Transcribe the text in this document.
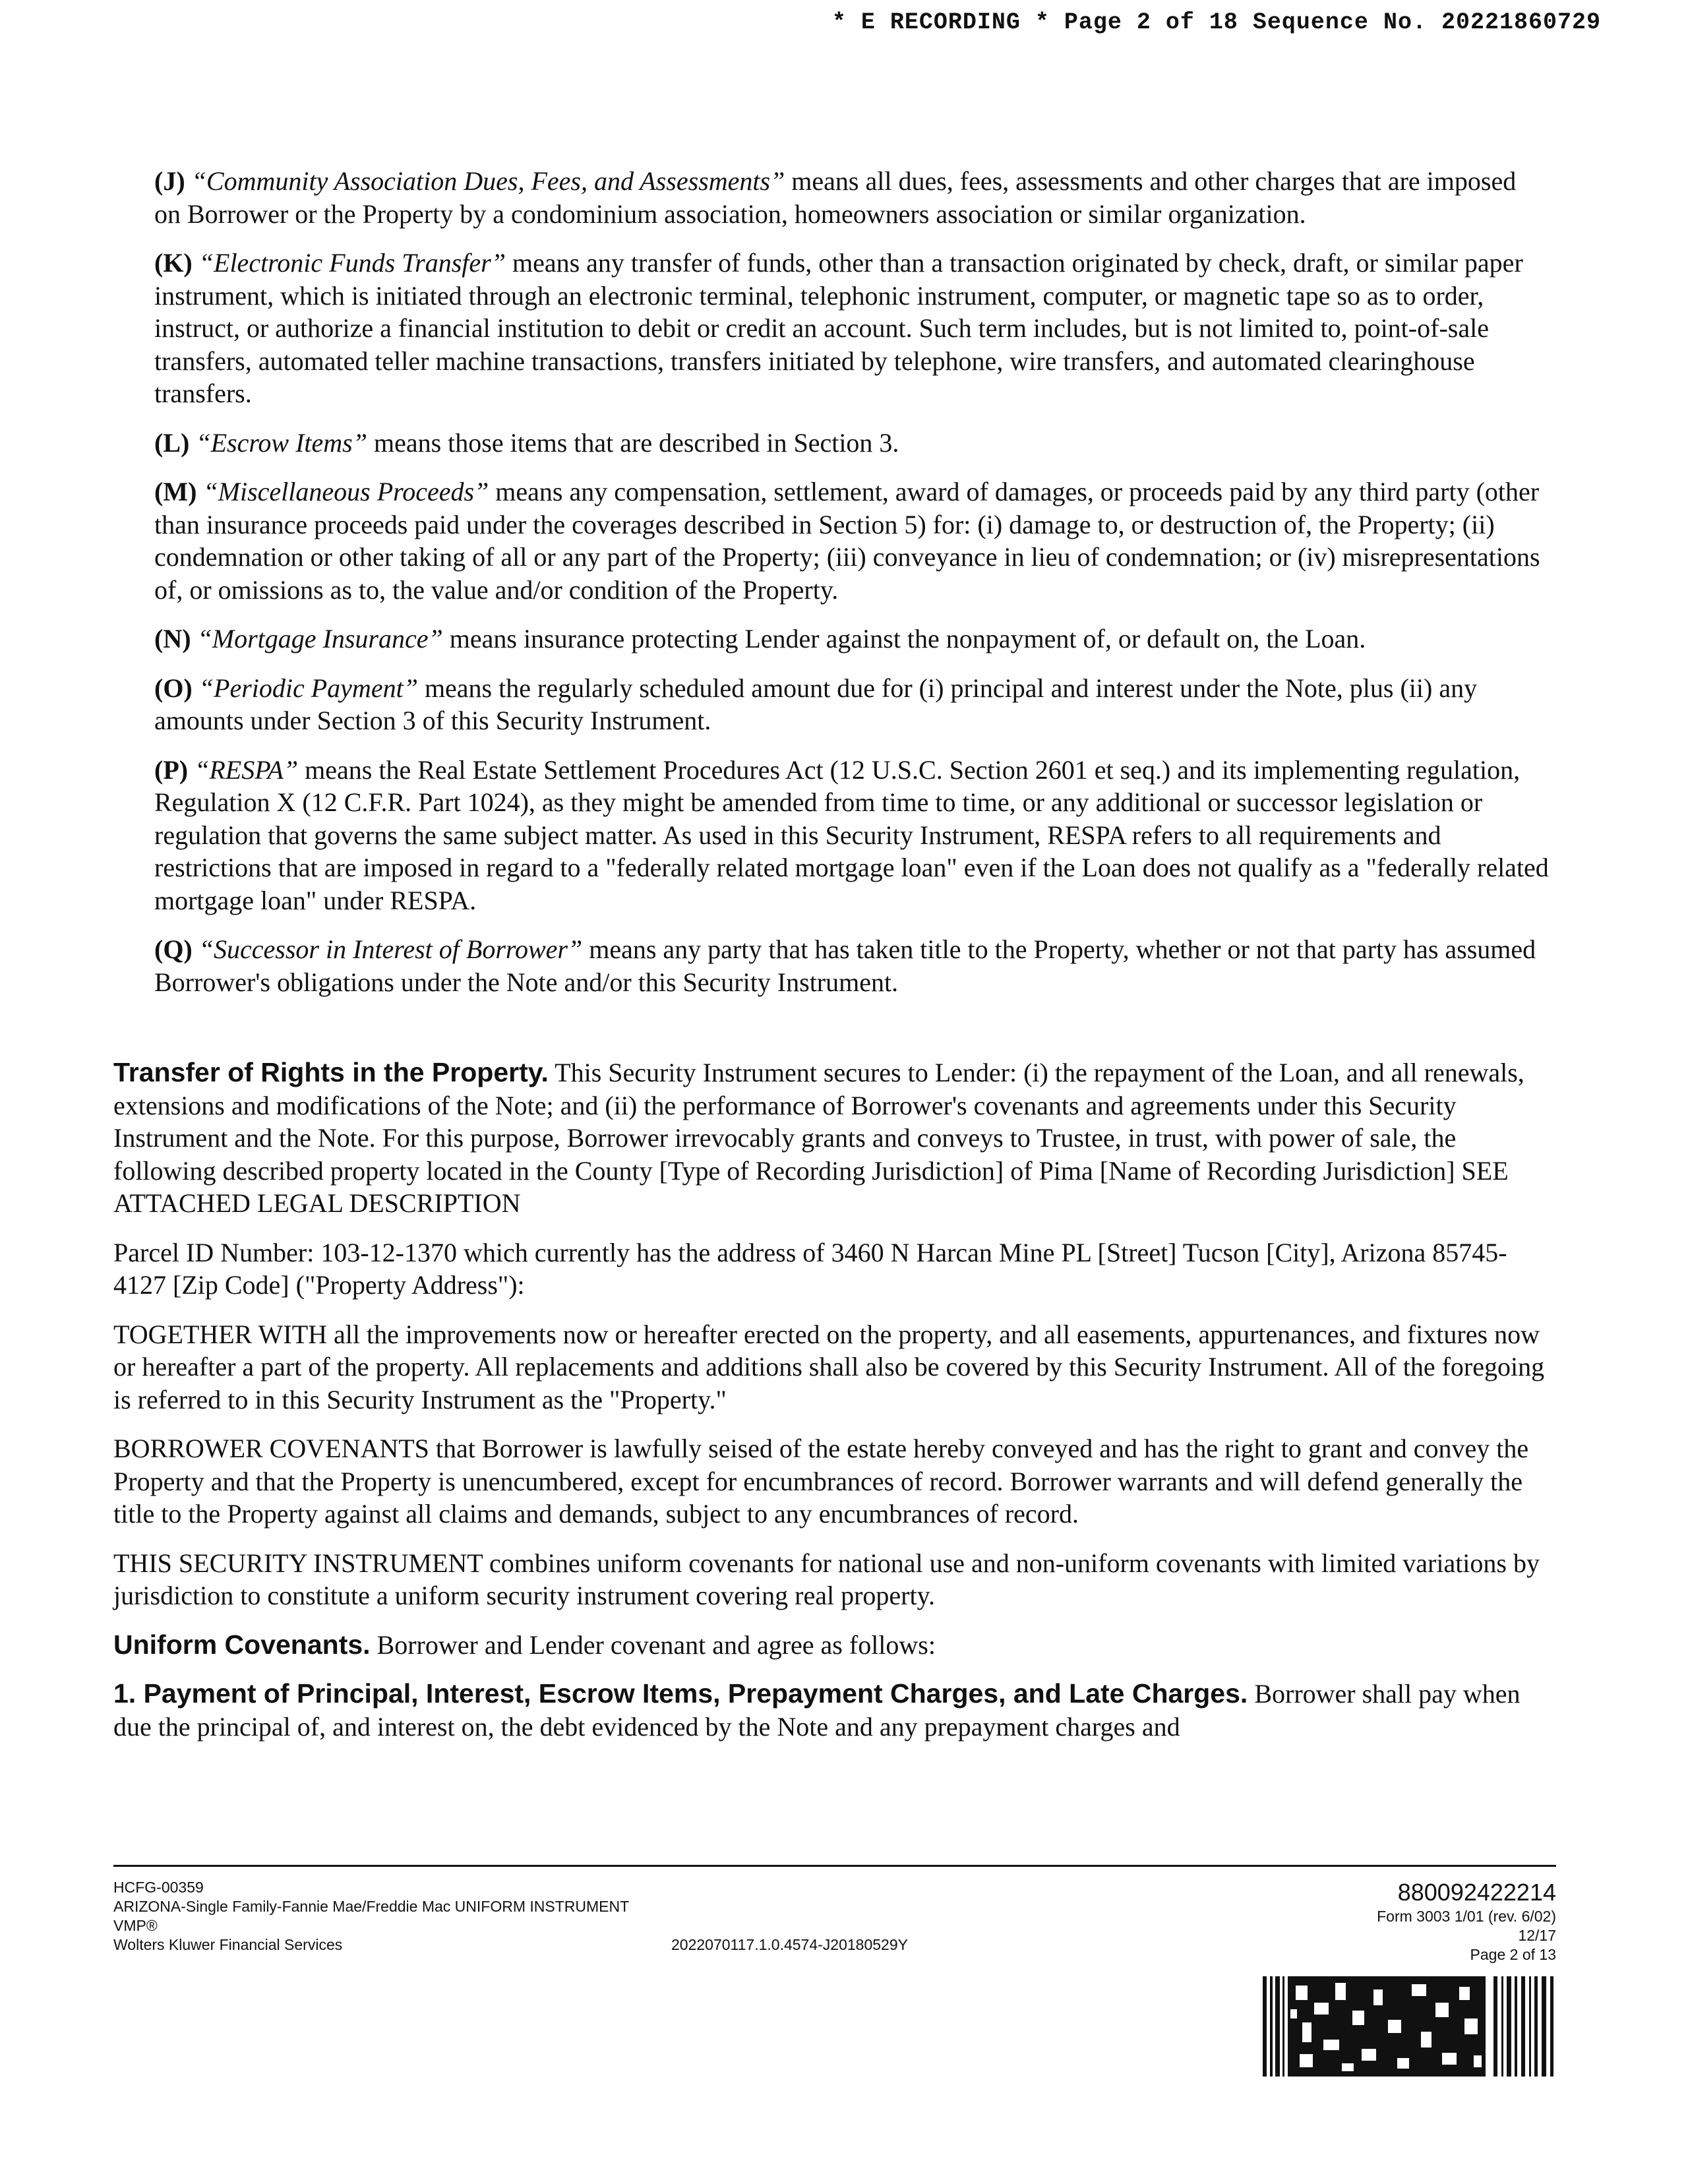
* E RECORDING * Page 2 of 18 Sequence No. 20221860729

(J) “Community Association Dues, Fees, and Assessments” means all dues, fees, assessments and other charges that are imposed on Borrower or the Property by a condominium association, homeowners association or similar organization.

(K) “Electronic Funds Transfer” means any transfer of funds, other than a transaction originated by check, draft, or similar paper instrument, which is initiated through an electronic terminal, telephonic instrument, computer, or magnetic tape so as to order, instruct, or authorize a financial institution to debit or credit an account. Such term includes, but is not limited to, point-of-sale transfers, automated teller machine transactions, transfers initiated by telephone, wire transfers, and automated clearinghouse transfers.

(L) “Escrow Items” means those items that are described in Section 3.

(M) “Miscellaneous Proceeds” means any compensation, settlement, award of damages, or proceeds paid by any third party (other than insurance proceeds paid under the coverages described in Section 5) for: (i) damage to, or destruction of, the Property; (ii) condemnation or other taking of all or any part of the Property; (iii) conveyance in lieu of condemnation; or (iv) misrepresentations of, or omissions as to, the value and/or condition of the Property.

(N) “Mortgage Insurance” means insurance protecting Lender against the nonpayment of, or default on, the Loan.

(O) “Periodic Payment” means the regularly scheduled amount due for (i) principal and interest under the Note, plus (ii) any amounts under Section 3 of this Security Instrument.

(P) “RESPA” means the Real Estate Settlement Procedures Act (12 U.S.C. Section 2601 et seq.) and its implementing regulation, Regulation X (12 C.F.R. Part 1024), as they might be amended from time to time, or any additional or successor legislation or regulation that governs the same subject matter. As used in this Security Instrument, RESPA refers to all requirements and restrictions that are imposed in regard to a "federally related mortgage loan" even if the Loan does not qualify as a "federally related mortgage loan" under RESPA.

(Q) “Successor in Interest of Borrower” means any party that has taken title to the Property, whether or not that party has assumed Borrower's obligations under the Note and/or this Security Instrument.

Transfer of Rights in the Property. This Security Instrument secures to Lender: (i) the repayment of the Loan, and all renewals, extensions and modifications of the Note; and (ii) the performance of Borrower's covenants and agreements under this Security Instrument and the Note. For this purpose, Borrower irrevocably grants and conveys to Trustee, in trust, with power of sale, the following described property located in the County [Type of Recording Jurisdiction] of Pima [Name of Recording Jurisdiction] SEE ATTACHED LEGAL DESCRIPTION

Parcel ID Number: 103-12-1370 which currently has the address of 3460 N Harcan Mine PL [Street] Tucson [City], Arizona 85745-4127 [Zip Code] ("Property Address"):

TOGETHER WITH all the improvements now or hereafter erected on the property, and all easements, appurtenances, and fixtures now or hereafter a part of the property. All replacements and additions shall also be covered by this Security Instrument. All of the foregoing is referred to in this Security Instrument as the "Property."

BORROWER COVENANTS that Borrower is lawfully seised of the estate hereby conveyed and has the right to grant and convey the Property and that the Property is unencumbered, except for encumbrances of record. Borrower warrants and will defend generally the title to the Property against all claims and demands, subject to any encumbrances of record.

THIS SECURITY INSTRUMENT combines uniform covenants for national use and non-uniform covenants with limited variations by jurisdiction to constitute a uniform security instrument covering real property.

Uniform Covenants. Borrower and Lender covenant and agree as follows:

1. Payment of Principal, Interest, Escrow Items, Prepayment Charges, and Late Charges. Borrower shall pay when due the principal of, and interest on, the debt evidenced by the Note and any prepayment charges and

HCFG-00359
ARIZONA-Single Family-Fannie Mae/Freddie Mac UNIFORM INSTRUMENT
VMP®
Wolters Kluwer Financial Services	2022070117.1.0.4574-J20180529Y
880092422214
Form 3003 1/01 (rev. 6/02)
12/17
Page 2 of 13
